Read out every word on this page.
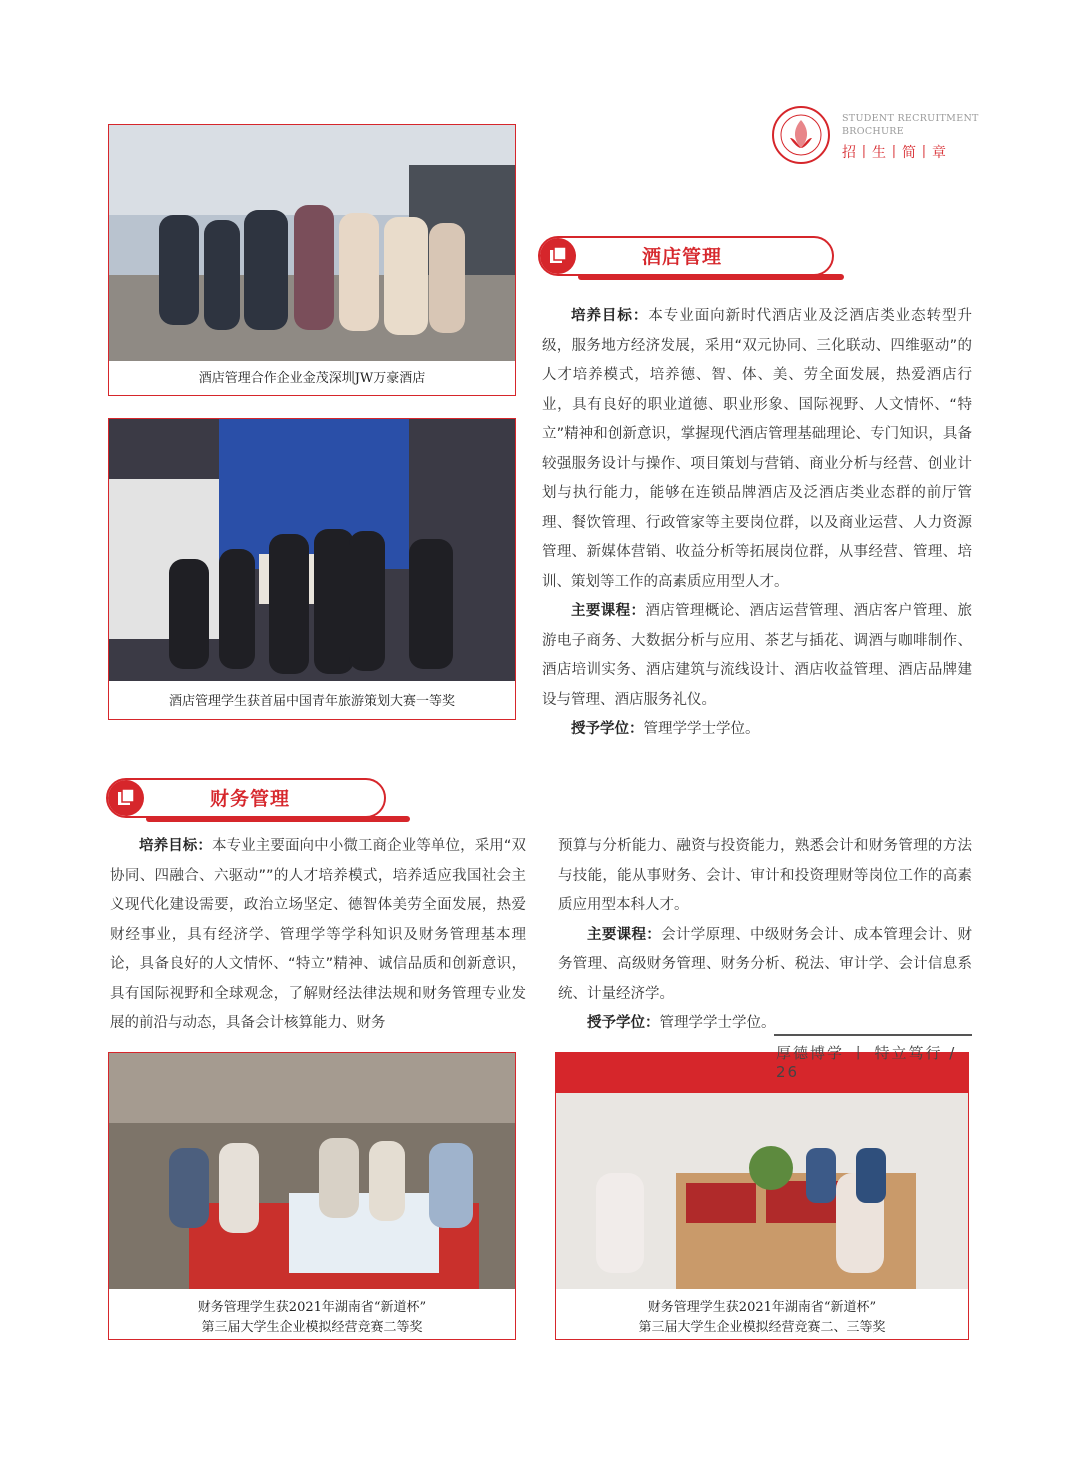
STUDENT RECRUITMENT
BROCHURE
招丨生丨简丨章
酒店管理合作企业金茂深圳JW万豪酒店
酒店管理学生获首届中国青年旅游策划大赛一等奖
酒店管理

培养目标：本专业面向新时代酒店业及泛酒店类业态转型升级，服务地方经济发展，采用“双元协同、三化联动、四维驱动”的人才培养模式，培养德、智、体、美、劳全面发展，热爱酒店行业，具有良好的职业道德、职业形象、国际视野、人文情怀、“特立”精神和创新意识，掌握现代酒店管理基础理论、专门知识，具备较强服务设计与操作、项目策划与营销、商业分析与经营、创业计划与执行能力，能够在连锁品牌酒店及泛酒店类业态群的前厅管理、餐饮管理、行政管家等主要岗位群，以及商业运营、人力资源管理、新媒体营销、收益分析等拓展岗位群，从事经营、管理、培训、策划等工作的高素质应用型人才。

主要课程：酒店管理概论、酒店运营管理、酒店客户管理、旅游电子商务、大数据分析与应用、茶艺与插花、调酒与咖啡制作、酒店培训实务、酒店建筑与流线设计、酒店收益管理、酒店品牌建设与管理、酒店服务礼仪。

授予学位：管理学学士学位。

财务管理

培养目标：本专业主要面向中小微工商企业等单位，采用“双协同、四融合、六驱动””的人才培养模式，培养适应我国社会主义现代化建设需要，政治立场坚定、德智体美劳全面发展，热爱财经事业，具有经济学、管理学等学科知识及财务管理基本理论，具备良好的人文情怀、“特立”精神、诚信品质和创新意识，具有国际视野和全球观念，了解财经法律法规和财务管理专业发展的前沿与动态，具备会计核算能力、财务

预算与分析能力、融资与投资能力，熟悉会计和财务管理的方法与技能，能从事财务、会计、审计和投资理财等岗位工作的高素质应用型本科人才。

主要课程：会计学原理、中级财务会计、成本管理会计、财务管理、高级财务管理、财务分析、税法、审计学、会计信息系统、计量经济学。

授予学位：管理学学士学位。

财务管理学生获2021年湖南省“新道杯”
第三届大学生企业模拟经营竞赛二等奖
财务管理学生获2021年湖南省“新道杯”
第三届大学生企业模拟经营竞赛二、三等奖
厚德博学 丨 特立笃行 / 26
